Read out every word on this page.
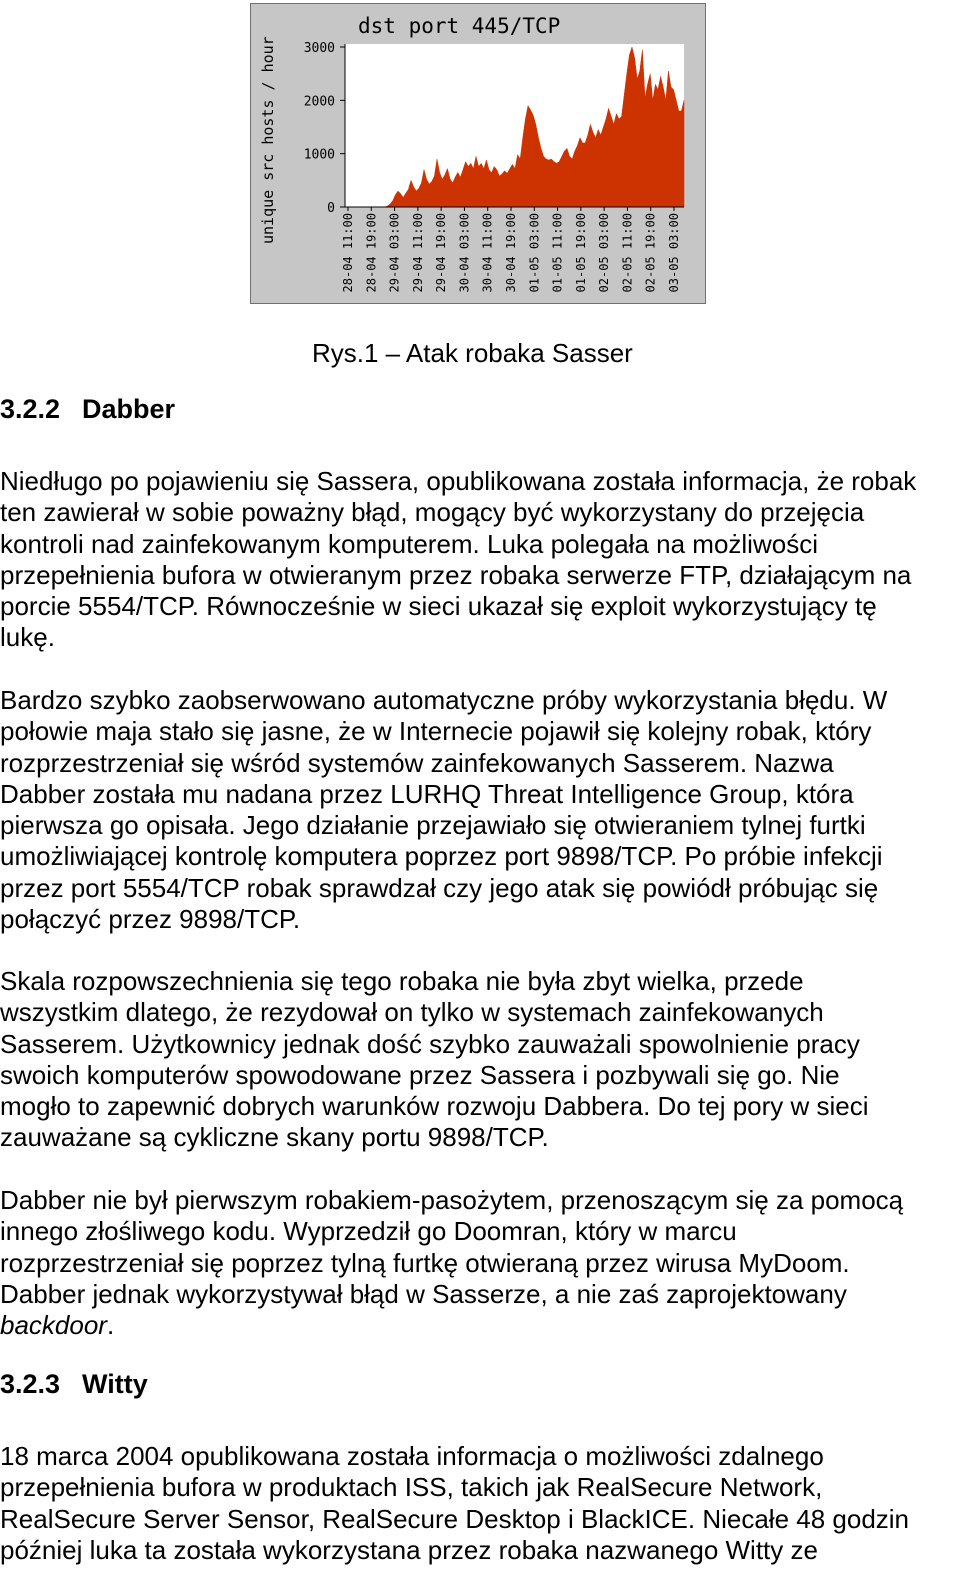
dst port 445/TCP
unique src hosts / hour 3000
2000
1000
0
28-04 11:00 28-04 19:00 29-04 03:00 29-04 11:00 29-04 19:00 30-04 03:00 30-04 11:00 30-04 19:00 01-05 03:00 01-05 11:00 01-05 19:00 02-05 03:00 02-05 11:00 02-05 19:00 03-05 03:00
Rys.1 – Atak robaka Sasser
3.2.2 Dabber
Niedługo po pojawieniu się Sassera, opublikowana została informacja, że robak
ten zawierał w sobie poważny błąd, mogący być wykorzystany do przejęcia
kontroli nad zainfekowanym komputerem. Luka polegała na możliwości
przepełnienia bufora w otwieranym przez robaka serwerze FTP, działającym na
porcie 5554/TCP. Równocześnie w sieci ukazał się exploit wykorzystujący tę
lukę.
Bardzo szybko zaobserwowano automatyczne próby wykorzystania błędu. W
połowie maja stało się jasne, że w Internecie pojawił się kolejny robak, który
rozprzestrzeniał się wśród systemów zainfekowanych Sasserem. Nazwa
Dabber została mu nadana przez LURHQ Threat Intelligence Group, która
pierwsza go opisała. Jego działanie przejawiało się otwieraniem tylnej furtki
umożliwiającej kontrolę komputera poprzez port 9898/TCP. Po próbie infekcji
przez port 5554/TCP robak sprawdzał czy jego atak się powiódł próbując się
połączyć przez 9898/TCP.
Skala rozpowszechnienia się tego robaka nie była zbyt wielka, przede
wszystkim dlatego, że rezydował on tylko w systemach zainfekowanych
Sasserem. Użytkownicy jednak dość szybko zauważali spowolnienie pracy
swoich komputerów spowodowane przez Sassera i pozbywali się go. Nie
mogło to zapewnić dobrych warunków rozwoju Dabbera. Do tej pory w sieci
zauważane są cykliczne skany portu 9898/TCP.
Dabber nie był pierwszym robakiem-pasożytem, przenoszącym się za pomocą
innego złośliwego kodu. Wyprzedził go Doomran, który w marcu
rozprzestrzeniał się poprzez tylną furtkę otwieraną przez wirusa MyDoom.
Dabber jednak wykorzystywał błąd w Sasserze, a nie zaś zaprojektowany
backdoor.
3.2.3 Witty
18 marca 2004 opublikowana została informacja o możliwości zdalnego
przepełnienia bufora w produktach ISS, takich jak RealSecure Network,
RealSecure Server Sensor, RealSecure Desktop i BlackICE. Niecałe 48 godzin
później luka ta została wykorzystana przez robaka nazwanego Witty ze
